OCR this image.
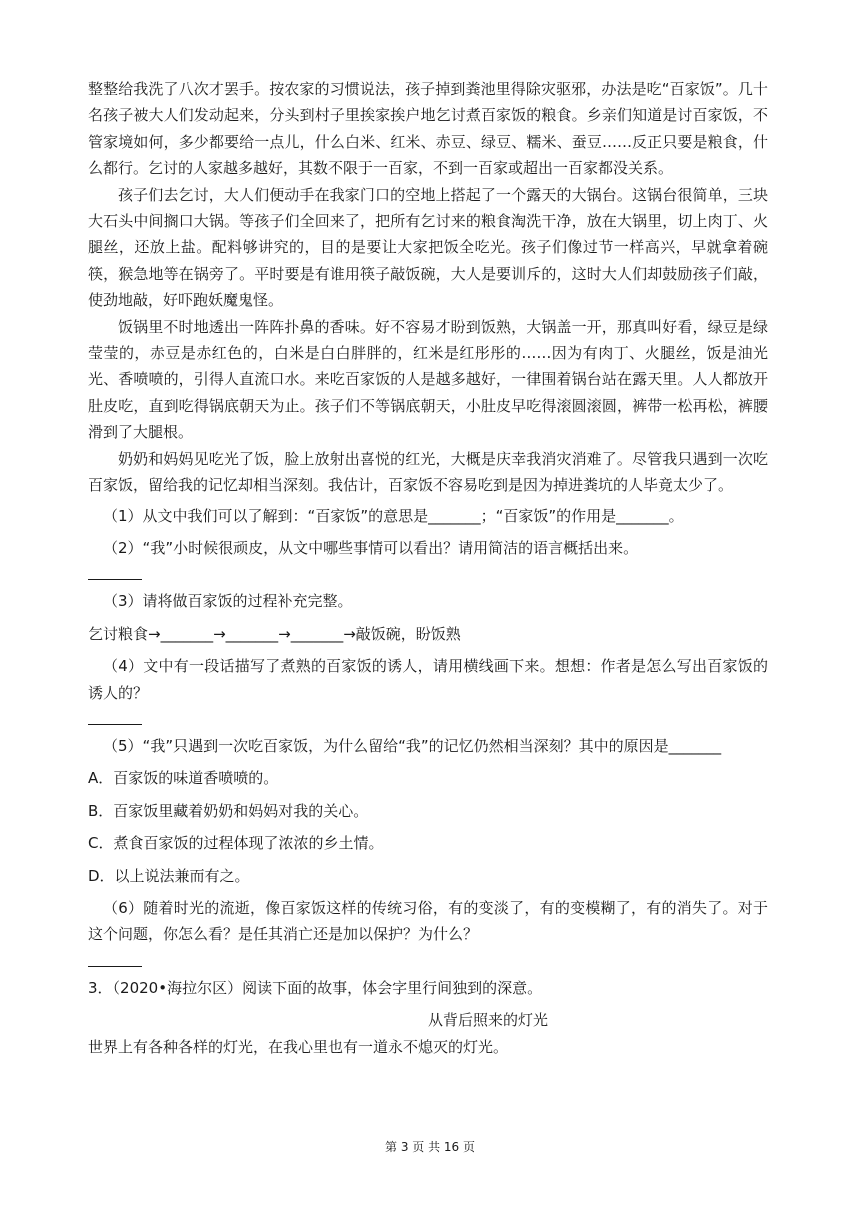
整整给我洗了八次才罢手。按农家的习惯说法，孩子掉到粪池里得除灾驱邪，办法是吃“百家饭”。几十名孩子被大人们发动起来，分头到村子里挨家挨户地乞讨煮百家饭的粮食。乡亲们知道是讨百家饭，不管家境如何，多少都要给一点儿，什么白米、红米、赤豆、绿豆、糯米、蚕豆……反正只要是粮食，什么都行。乞讨的人家越多越好，其数不限于一百家，不到一百家或超出一百家都没关系。

孩子们去乞讨，大人们便动手在我家门口的空地上搭起了一个露天的大锅台。这锅台很简单，三块大石头中间搁口大锅。等孩子们全回来了，把所有乞讨来的粮食淘洗干净，放在大锅里，切上肉丁、火腿丝，还放上盐。配料够讲究的，目的是要让大家把饭全吃光。孩子们像过节一样高兴，早就拿着碗筷，猴急地等在锅旁了。平时要是有谁用筷子敲饭碗，大人是要训斥的，这时大人们却鼓励孩子们敲，使劲地敲，好吓跑妖魔鬼怪。

饭锅里不时地透出一阵阵扑鼻的香味。好不容易才盼到饭熟，大锅盖一开，那真叫好看，绿豆是绿莹莹的，赤豆是赤红色的，白米是白白胖胖的，红米是红彤彤的……因为有肉丁、火腿丝，饭是油光光、香喷喷的，引得人直流口水。来吃百家饭的人是越多越好，一律围着锅台站在露天里。人人都放开肚皮吃，直到吃得锅底朝天为止。孩子们不等锅底朝天，小肚皮早吃得滚圆滚圆，裤带一松再松，裤腰滑到了大腿根。

奶奶和妈妈见吃光了饭，脸上放射出喜悦的红光，大概是庆幸我消灾消难了。尽管我只遇到一次吃百家饭，留给我的记忆却相当深刻。我估计，百家饭不容易吃到是因为掉进粪坑的人毕竟太少了。

（1）从文中我们可以了解到：“百家饭”的意思是_______；“百家饭”的作用是_______。

（2）“我”小时候很顽皮，从文中哪些事情可以看出？请用简洁的语言概括出来。

（3）请将做百家饭的过程补充完整。

乞讨粮食→_______→_______→_______→敲饭碗，盼饭熟

（4）文中有一段话描写了煮熟的百家饭的诱人，请用横线画下来。想想：作者是怎么写出百家饭的诱人的？

（5）“我”只遇到一次吃百家饭，为什么留给“我”的记忆仍然相当深刻？其中的原因是_______

A．百家饭的味道香喷喷的。

B．百家饭里藏着奶奶和妈妈对我的关心。

C．煮食百家饭的过程体现了浓浓的乡土情。

D．以上说法兼而有之。

（6）随着时光的流逝，像百家饭这样的传统习俗，有的变淡了，有的变模糊了，有的消失了。对于这个问题，你怎么看？是任其消亡还是加以保护？为什么？

3．（2020•海拉尔区）阅读下面的故事，体会字里行间独到的深意。

从背后照来的灯光

世界上有各种各样的灯光，在我心里也有一道永不熄灭的灯光。

第 3 页 共 16 页
